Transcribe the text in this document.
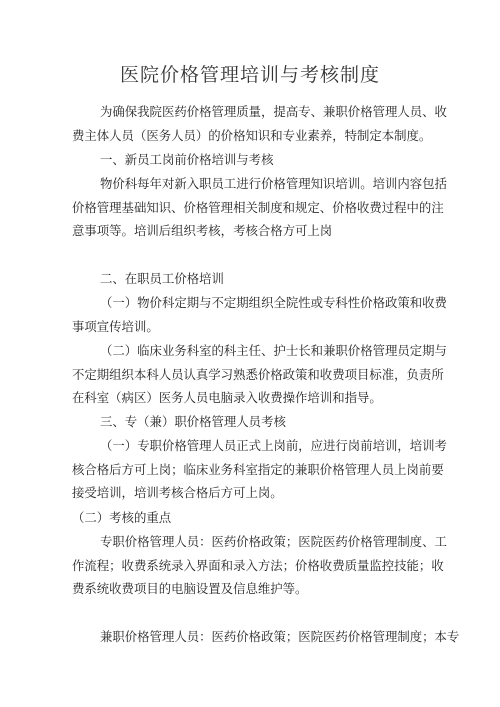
医院价格管理培训与考核制度

为确保我院医药价格管理质量，提高专、兼职价格管理人员、收
费主体人员（医务人员）的价格知识和专业素养，特制定本制度。

一、新员工岗前价格培训与考核

物价科每年对新入职员工进行价格管理知识培训。培训内容包括
价格管理基础知识、价格管理相关制度和规定、价格收费过程中的注
意事项等。培训后组织考核，考核合格方可上岗

二、在职员工价格培训

（一）物价科定期与不定期组织全院性或专科性价格政策和收费
事项宣传培训。

（二）临床业务科室的科主任、护士长和兼职价格管理员定期与
不定期组织本科人员认真学习熟悉价格政策和收费项目标准，负责所
在科室（病区）医务人员电脑录入收费操作培训和指导。

三、专（兼）职价格管理人员考核

（一）专职价格管理人员正式上岗前，应进行岗前培训，培训考
核合格后方可上岗；临床业务科室指定的兼职价格管理人员上岗前要
接受培训，培训考核合格后方可上岗。

（二）考核的重点

专职价格管理人员：医药价格政策；医院医药价格管理制度、工
作流程；收费系统录入界面和录入方法；价格收费质量监控技能；收
费系统收费项目的电脑设置及信息维护等。

兼职价格管理人员：医药价格政策；医院医药价格管理制度；本专
